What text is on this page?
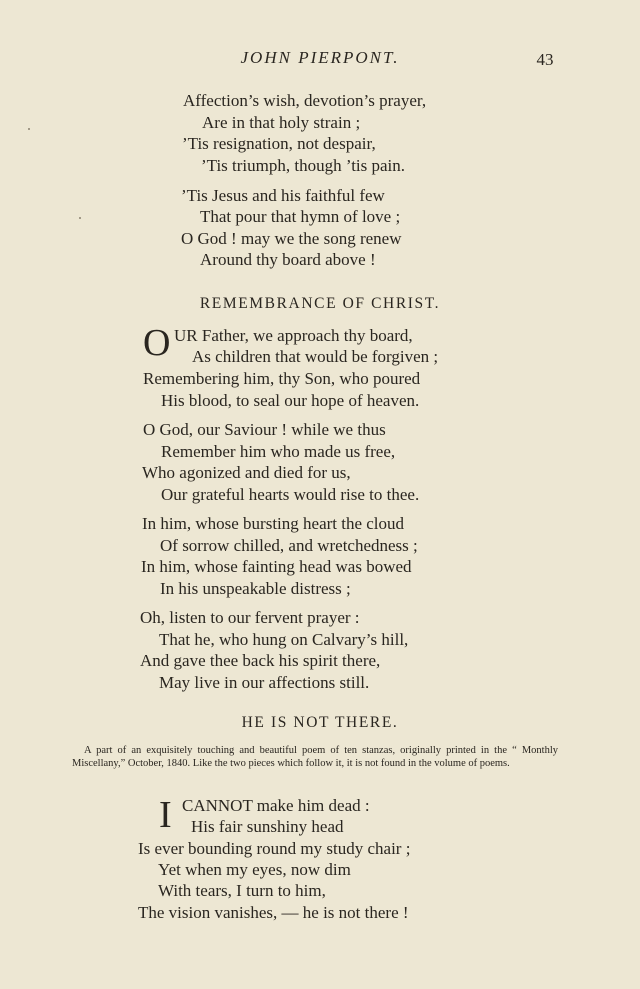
JOHN PIERPONT.	43
Affection’s wish, devotion’s prayer,
Are in that holy strain ;
’Tis resignation, not despair,
’Tis triumph, though ’tis pain.
’Tis Jesus and his faithful few
That pour that hymn of love ;
O God ! may we the song renew
Around thy board above !
REMEMBRANCE OF CHRIST.
O UR Father, we approach thy board,
As children that would be forgiven ;
Remembering him, thy Son, who poured
His blood, to seal our hope of heaven.
O God, our Saviour ! while we thus
Remember him who made us free,
Who agonized and died for us,
Our grateful hearts would rise to thee.
In him, whose bursting heart the cloud
Of sorrow chilled, and wretchedness ;
In him, whose fainting head was bowed
In his unspeakable distress ;
Oh, listen to our fervent prayer :
That he, who hung on Calvary’s hill,
And gave thee back his spirit there,
May live in our affections still.
HE IS NOT THERE.
A part of an exquisitely touching and beautiful poem of ten stanzas, originally printed in the “ Monthly Miscellany,” October, 1840. Like the two pieces which follow it, it is not found in the volume of poems.
I CANNOT make him dead :
His fair sunshiny head
Is ever bounding round my study chair ;
Yet when my eyes, now dim
With tears, I turn to him,
The vision vanishes, — he is not there !
